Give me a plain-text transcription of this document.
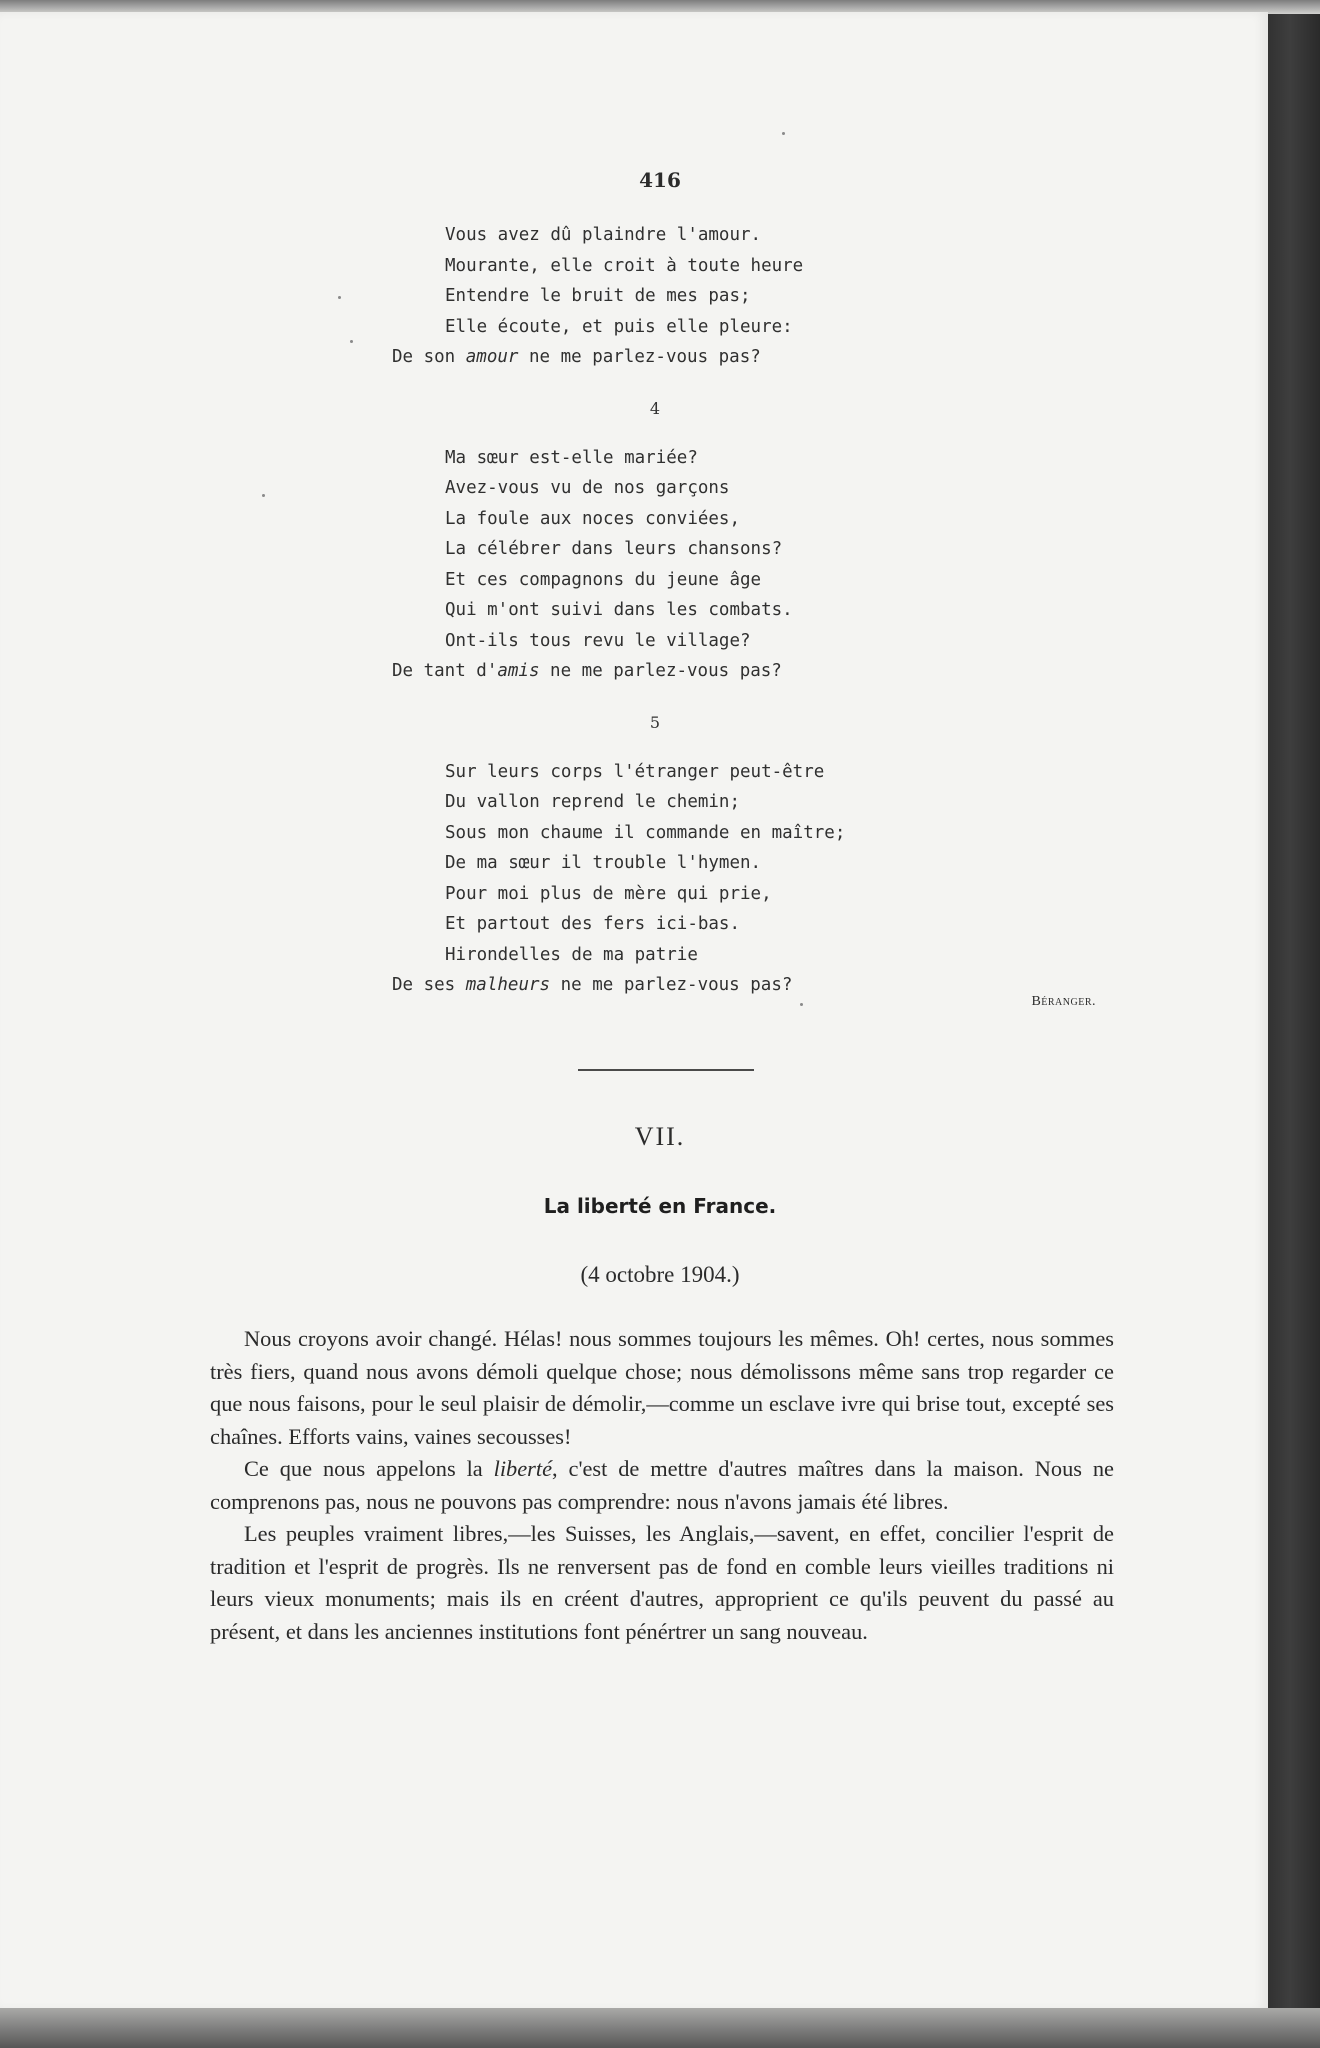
416
Vous avez dû plaindre l'amour.
Mourante, elle croit à toute heure
Entendre le bruit de mes pas;
Elle écoute, et puis elle pleure:
De son amour ne me parlez-vous pas?
4
Ma sœur est-elle mariée?
Avez-vous vu de nos garçons
La foule aux noces conviées,
La célébrer dans leurs chansons?
Et ces compagnons du jeune âge
Qui m'ont suivi dans les combats.
Ont-ils tous revu le village?
De tant d'amis ne me parlez-vous pas?
5
Sur leurs corps l'étranger peut-être
Du vallon reprend le chemin;
Sous mon chaume il commande en maître;
De ma sœur il trouble l'hymen.
Pour moi plus de mère qui prie,
Et partout des fers ici-bas.
Hirondelles de ma patrie
De ses malheurs ne me parlez-vous pas?
Béranger.
VII.
La liberté en France.
(4 octobre 1904.)

Nous croyons avoir changé. Hélas! nous sommes toujours les mêmes. Oh! certes, nous sommes très fiers, quand nous avons démoli quelque chose; nous démolissons même sans trop regarder ce que nous faisons, pour le seul plaisir de démolir,—comme un esclave ivre qui brise tout, excepté ses chaînes. Efforts vains, vaines secousses!

Ce que nous appelons la liberté, c'est de mettre d'autres maîtres dans la maison. Nous ne comprenons pas, nous ne pouvons pas comprendre: nous n'avons jamais été libres.

Les peuples vraiment libres,—les Suisses, les Anglais,—savent, en effet, concilier l'esprit de tradition et l'esprit de progrès. Ils ne renversent pas de fond en comble leurs vieilles traditions ni leurs vieux monuments; mais ils en créent d'autres, approprient ce qu'ils peuvent du passé au présent, et dans les anciennes institutions font pénértrer un sang nouveau.
